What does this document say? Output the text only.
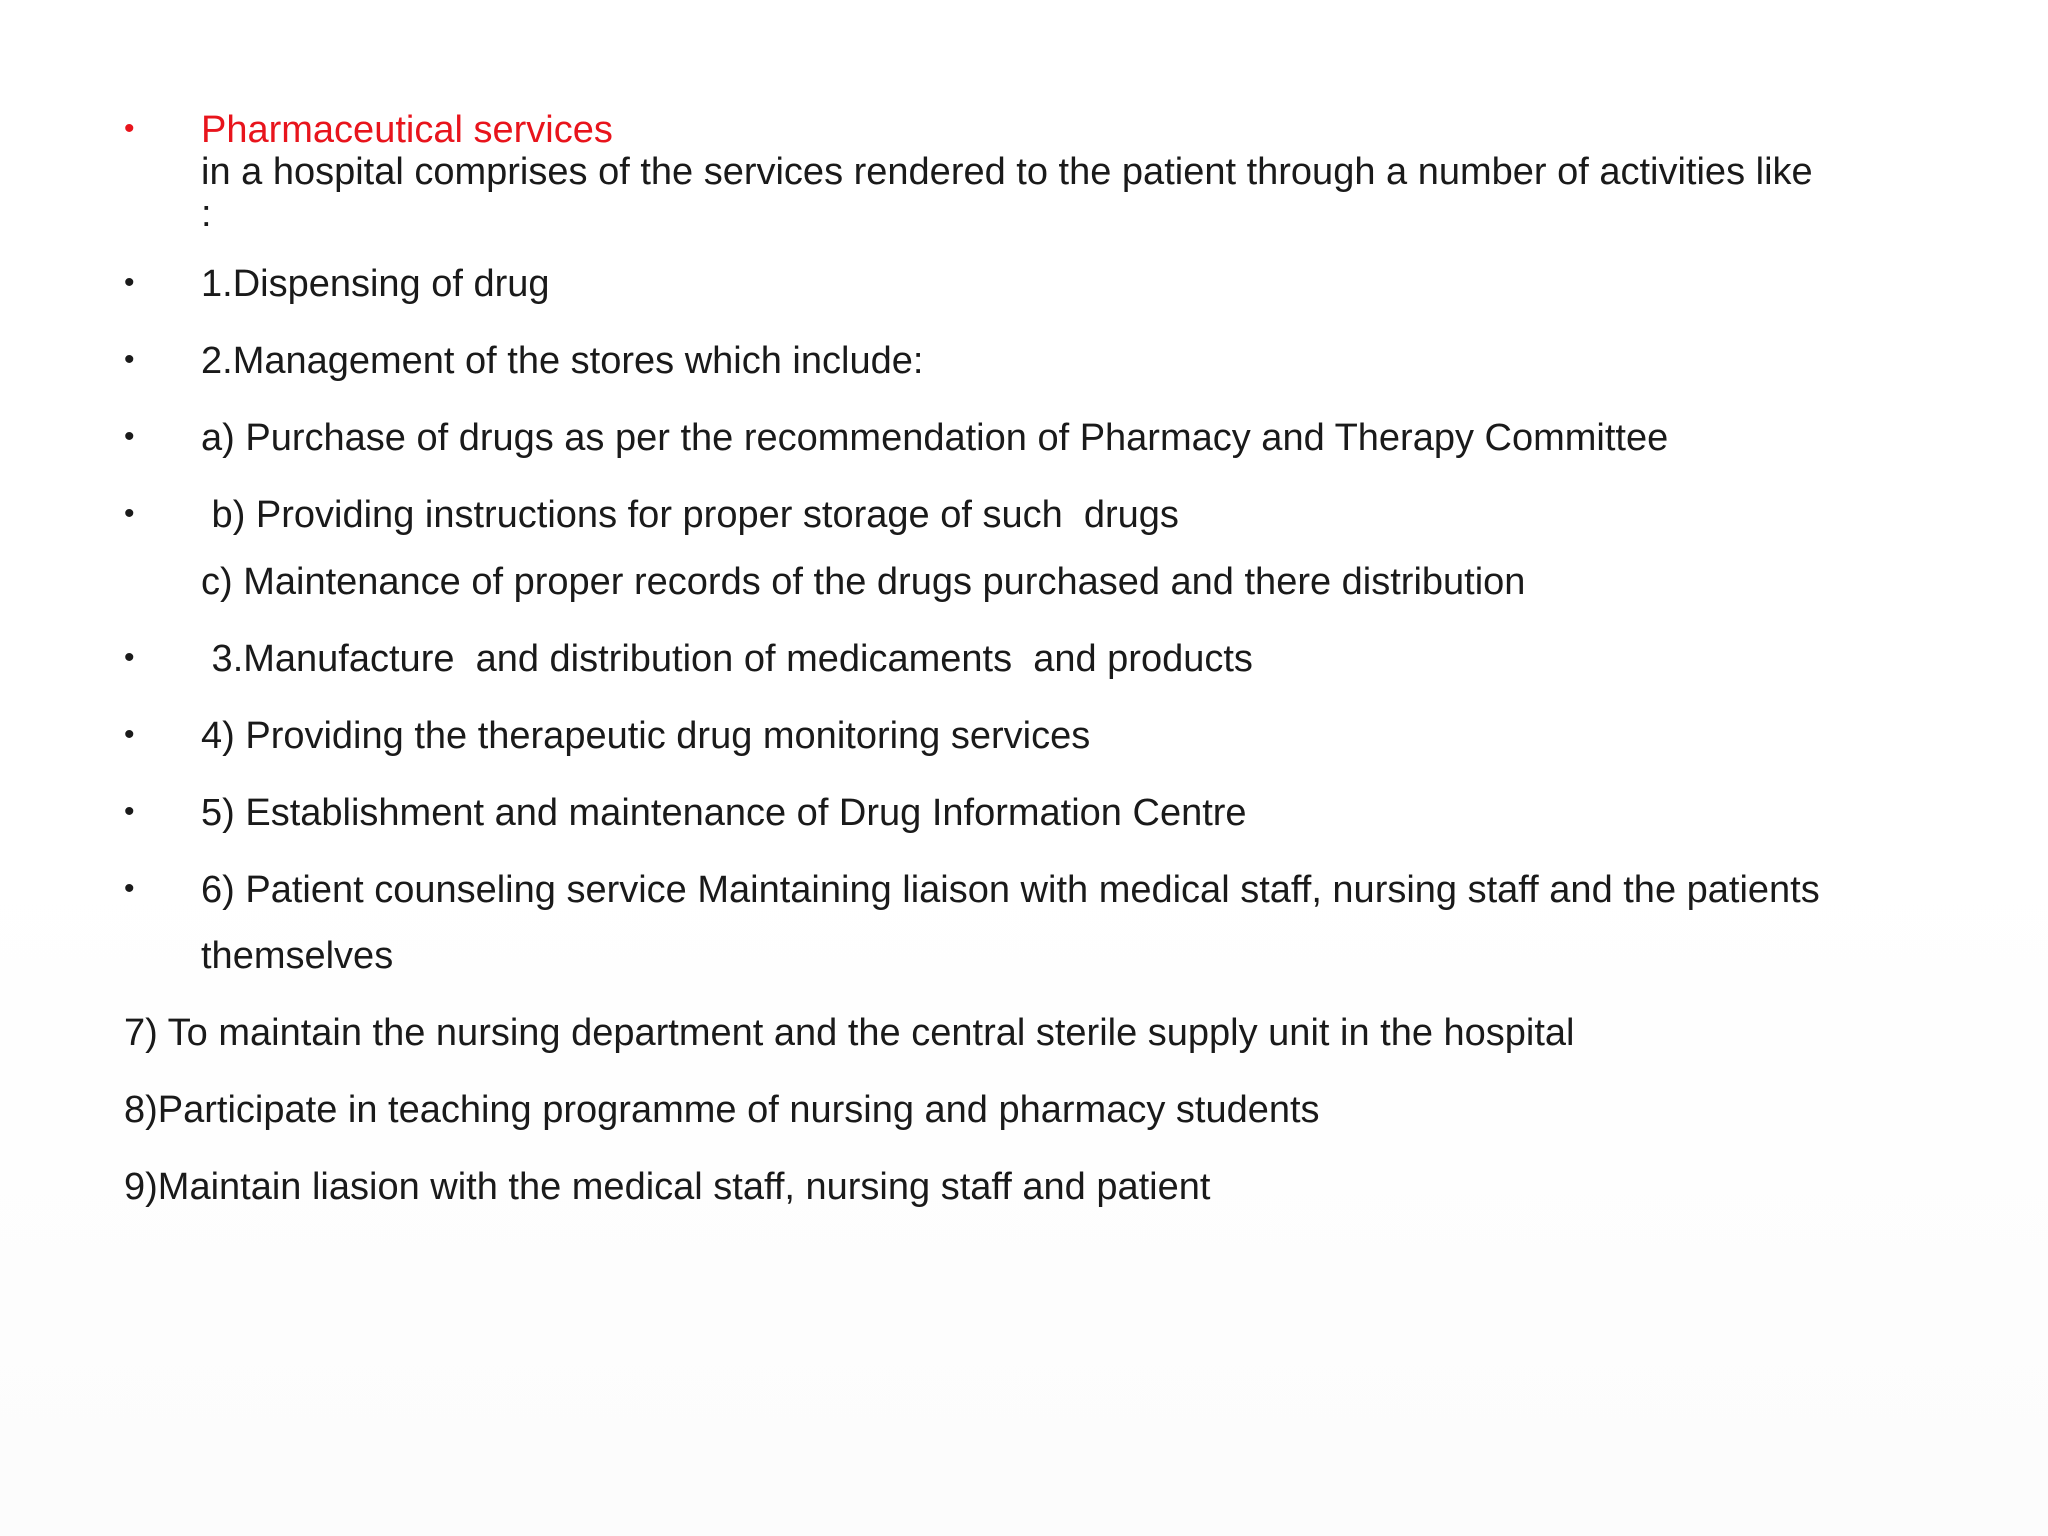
• Pharmaceutical services
in a hospital comprises of the services rendered to the patient through a number of activities like
:
• 1.Dispensing of drug
• 2.Management of the stores which include:
• a) Purchase of drugs as per the recommendation of Pharmacy and Therapy Committee
• b) Providing instructions for proper storage of such  drugs
c) Maintenance of proper records of the drugs purchased and there distribution
• 3.Manufacture  and distribution of medicaments  and products
• 4) Providing the therapeutic drug monitoring services
• 5) Establishment and maintenance of Drug Information Centre
• 6) Patient counseling service Maintaining liaison with medical staff, nursing staff and the patients
themselves
7) To maintain the nursing department and the central sterile supply unit in the hospital
8)Participate in teaching programme of nursing and pharmacy students
9)Maintain liasion with the medical staff, nursing staff and patient
